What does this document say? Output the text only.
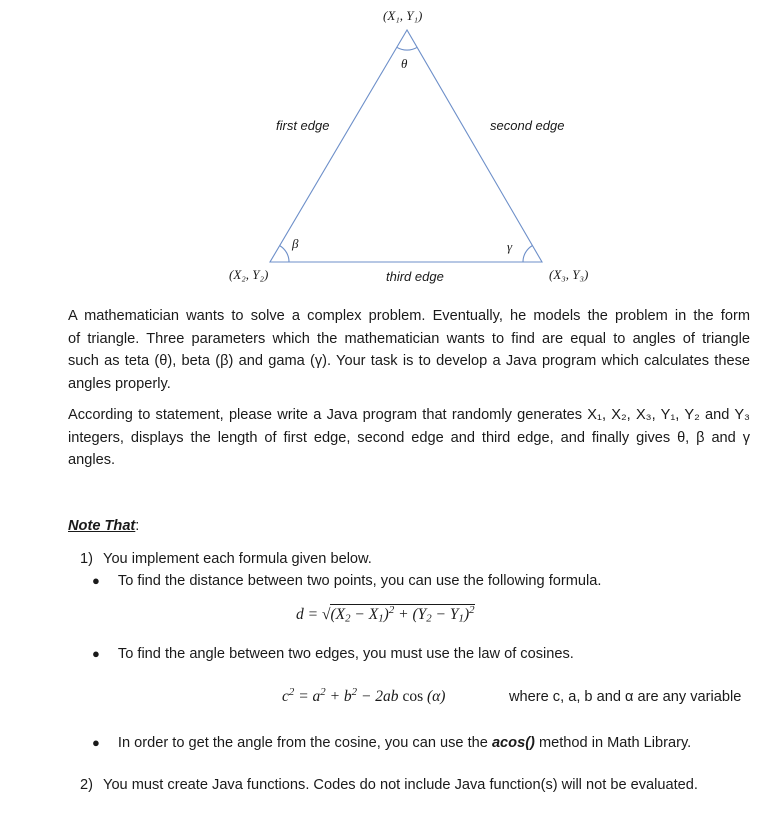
(X₁, Y₁)
θ
first edge	second edge
β	γ
(X₂, Y₂)	third edge	(X₃, Y₃)
A mathematician wants to solve a complex problem. Eventually, he models the problem in the form
of triangle. Three parameters which the mathematician wants to find are equal to angles of triangle
such as teta (θ), beta (β) and gama (γ). Your task is to develop a Java program which calculates these
angles properly.
According to statement, please write a Java program that randomly generates X₁, X₂, X₃, Y₁, Y₂ and Y₃
integers, displays the length of first edge, second edge and third edge, and finally gives θ, β and γ
angles.
Note That:
1) You implement each formula given below.
● To find the distance between two points, you can use the following formula.
$d = √(X_2 - X_1)^2 + (Y_2 - Y_1)^2$
● To find the angle between two edges, you must use the law of cosines.
$c^2 = a^2 + b^2 - 2ab$ cos (α)	where c, a, b and α are any variable
● In order to get the angle from the cosine, you can use the acos() method in Math Library.
2) You must create Java functions. Codes do not include Java function(s) will not be evaluated.
